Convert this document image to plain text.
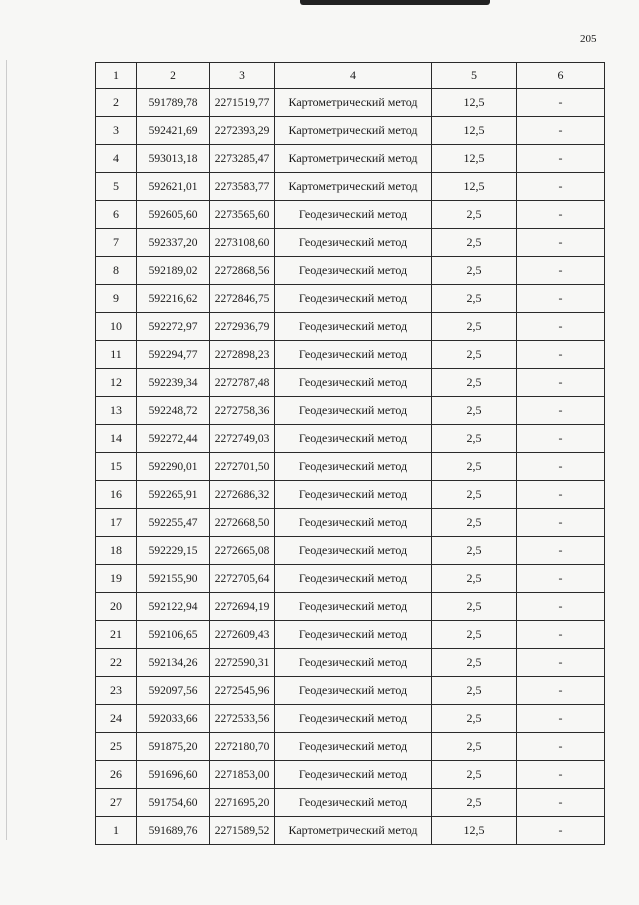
205
1	2	3	4	5	6
2	591789,78	2271519,77	Картометрический метод	12,5	-
3	592421,69	2272393,29	Картометрический метод	12,5	-
4	593013,18	2273285,47	Картометрический метод	12,5	-
5	592621,01	2273583,77	Картометрический метод	12,5	-
6	592605,60	2273565,60	Геодезический метод	2,5	-
7	592337,20	2273108,60	Геодезический метод	2,5	-
8	592189,02	2272868,56	Геодезический метод	2,5	-
9	592216,62	2272846,75	Геодезический метод	2,5	-
10	592272,97	2272936,79	Геодезический метод	2,5	-
11	592294,77	2272898,23	Геодезический метод	2,5	-
12	592239,34	2272787,48	Геодезический метод	2,5	-
13	592248,72	2272758,36	Геодезический метод	2,5	-
14	592272,44	2272749,03	Геодезический метод	2,5	-
15	592290,01	2272701,50	Геодезический метод	2,5	-
16	592265,91	2272686,32	Геодезический метод	2,5	-
17	592255,47	2272668,50	Геодезический метод	2,5	-
18	592229,15	2272665,08	Геодезический метод	2,5	-
19	592155,90	2272705,64	Геодезический метод	2,5	-
20	592122,94	2272694,19	Геодезический метод	2,5	-
21	592106,65	2272609,43	Геодезический метод	2,5	-
22	592134,26	2272590,31	Геодезический метод	2,5	-
23	592097,56	2272545,96	Геодезический метод	2,5	-
24	592033,66	2272533,56	Геодезический метод	2,5	-
25	591875,20	2272180,70	Геодезический метод	2,5	-
26	591696,60	2271853,00	Геодезический метод	2,5	-
27	591754,60	2271695,20	Геодезический метод	2,5	-
1	591689,76	2271589,52	Картометрический метод	12,5	-
